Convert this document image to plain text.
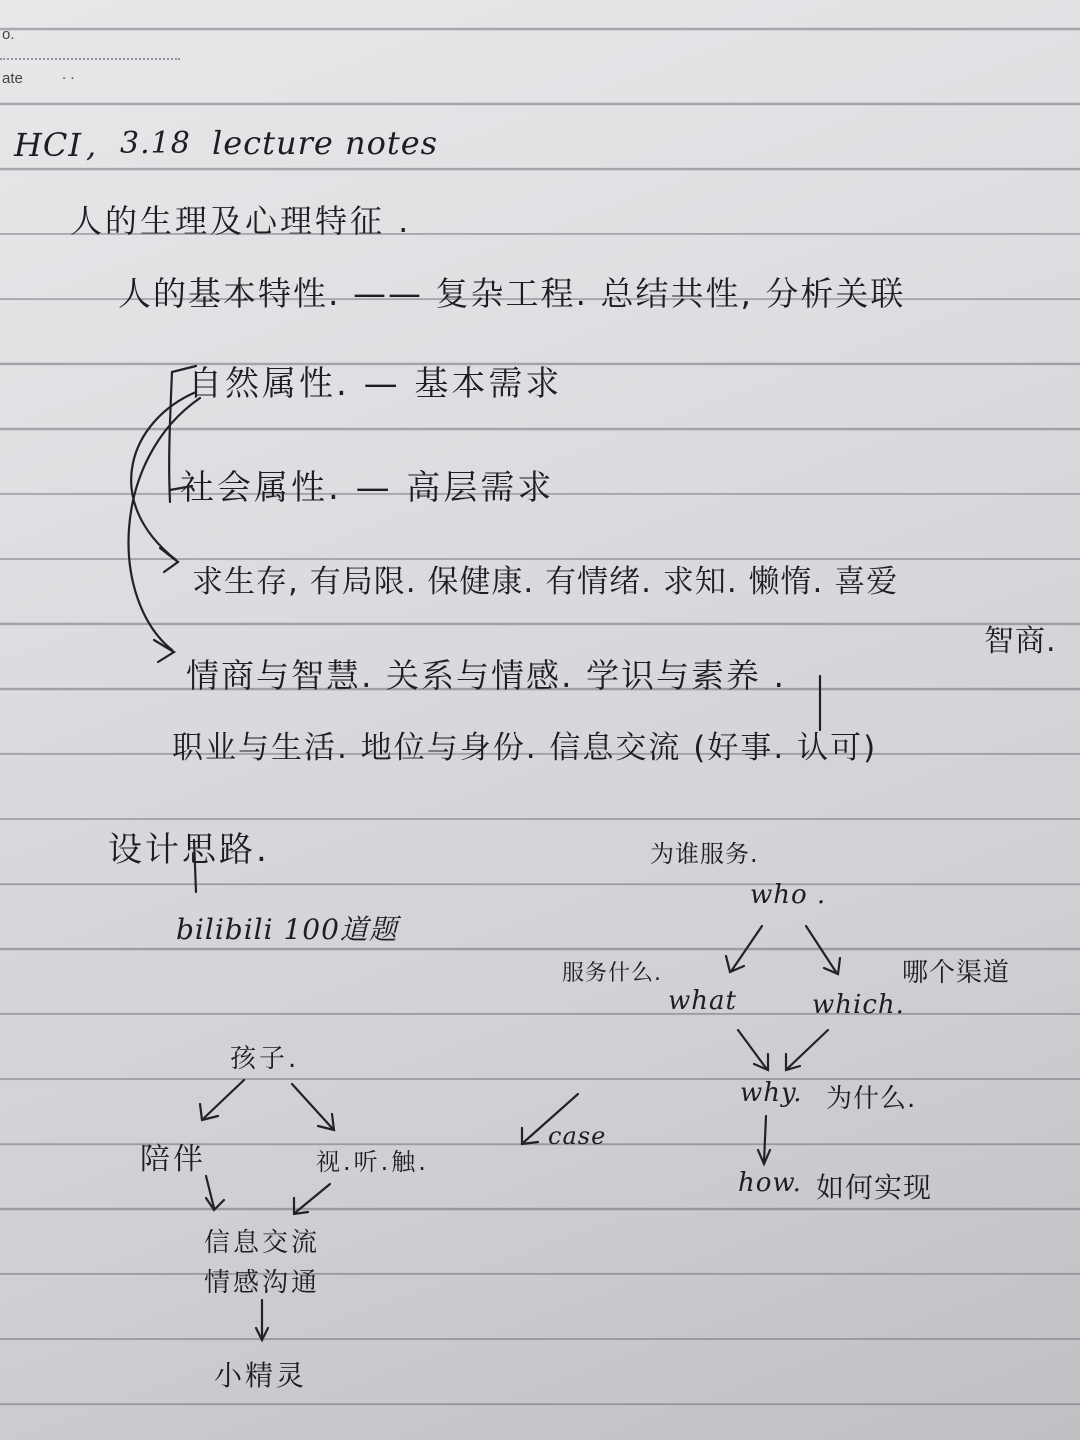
o.
ate	. .
HCI , 3.18 lecture notes
人的生理及心理特征 .
人的基本特性. —— 复杂工程. 总结共性, 分析关联
自然属性. — 基本需求
社会属性. — 高层需求
求生存, 有局限. 保健康. 有情绪. 求知. 懒惰. 喜爱
智商.
情商与智慧. 关系与情感. 学识与素养 .
职业与生活. 地位与身份. 信息交流 (好事. 认可)
设计思路.
bilibili 100道题
孩子.
陪伴	视.听.触.
信息交流
情感沟通
小精灵
case
为谁服务.
who .
服务什么.
what	which.
哪个渠道
why. 为什么.
how. 如何实现
